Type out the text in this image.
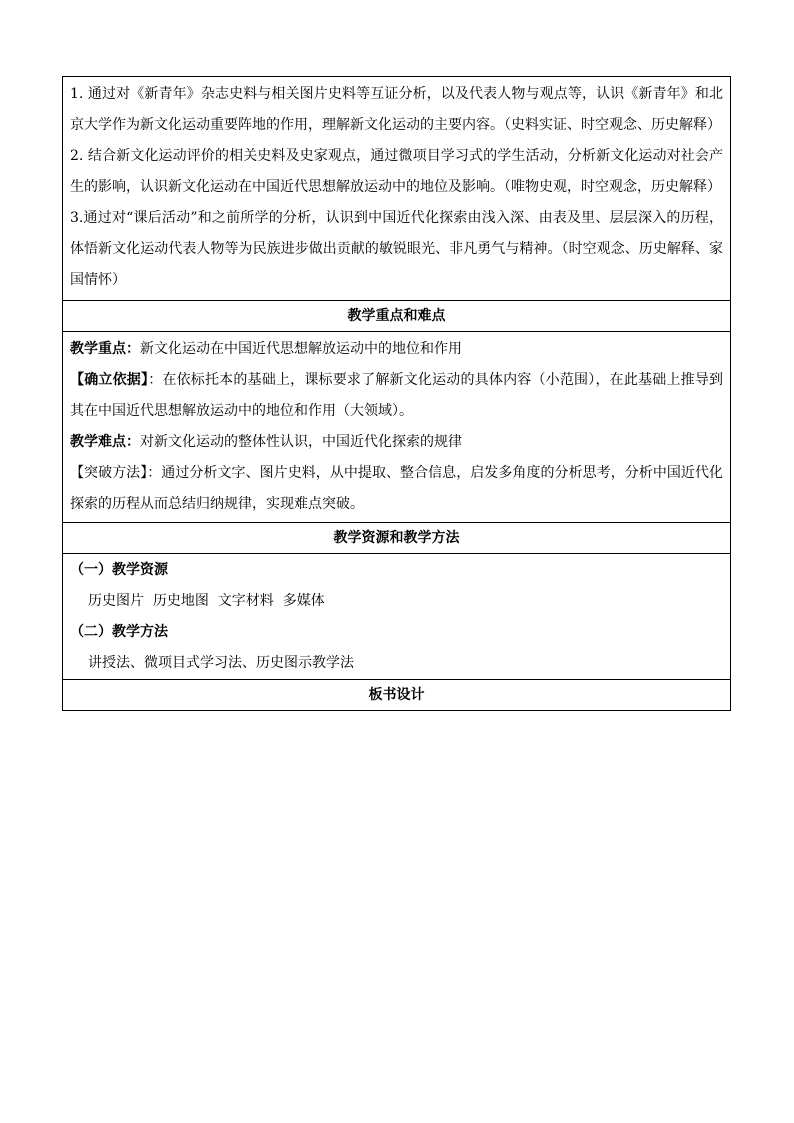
1. 通过对《新青年》杂志史料与相关图片史料等互证分析，以及代表人物与观点等，认识《新青年》和北京大学作为新文化运动重要阵地的作用，理解新文化运动的主要内容。（史料实证、时空观念、历史解释）

2. 结合新文化运动评价的相关史料及史家观点，通过微项目学习式的学生活动，分析新文化运动对社会产生的影响，认识新文化运动在中国近代思想解放运动中的地位及影响。（唯物史观，时空观念，历史解释）

3.通过对“课后活动”和之前所学的分析，认识到中国近代化探索由浅入深、由表及里、层层深入的历程，体悟新文化运动代表人物等为民族进步做出贡献的敏锐眼光、非凡勇气与精神。（时空观念、历史解释、家国情怀）

教学重点和难点

教学重点：新文化运动在中国近代思想解放运动中的地位和作用

【确立依据】：在依标托本的基础上，课标要求了解新文化运动的具体内容（小范围），在此基础上推导到其在中国近代思想解放运动中的地位和作用（大领域）。

教学难点：对新文化运动的整体性认识，中国近代化探索的规律

【突破方法】：通过分析文字、图片史料，从中提取、整合信息，启发多角度的分析思考，分析中国近代化探索的历程从而总结归纳规律，实现难点突破。

教学资源和教学方法

（一）教学资源

历史图片  历史地图  文字材料  多媒体

（二）教学方法

讲授法、微项目式学习法、历史图示教学法

板书设计
